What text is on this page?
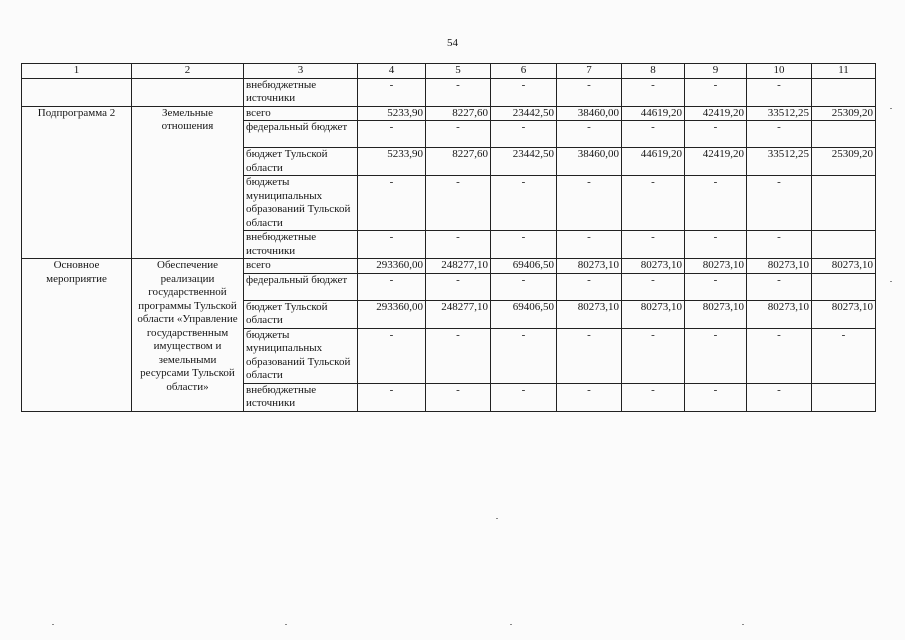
54
1	2	3	4	5	6	7	8	9	10	11
		внебюджетные источники	-	-	-	-	-	-	-	
Подпрограмма 2	Земельные отношения	всего	5233,90	8227,60	23442,50	38460,00	44619,20	42419,20	33512,25	25309,20
		федеральный бюджет	-	-	-	-	-	-	-	
		бюджет Тульской области	5233,90	8227,60	23442,50	38460,00	44619,20	42419,20	33512,25	25309,20
		бюджеты муниципальных образований Тульской области	-	-	-	-	-	-	-	
		внебюджетные источники	-	-	-	-	-	-	-	
Основное мероприятие	Обеспечение реализации государственной программы Тульской области «Управление государственным имуществом и земельными ресурсами Тульской области»	всего	293360,00	248277,10	69406,50	80273,10	80273,10	80273,10	80273,10	80273,10
		федеральный бюджет	-	-	-	-	-	-	-	
		бюджет Тульской области	293360,00	248277,10	69406,50	80273,10	80273,10	80273,10	80273,10	80273,10
		бюджеты муниципальных образований Тульской области	-	-	-	-	-	-	-	-
		внебюджетные источники	-	-	-	-	-	-	-	
